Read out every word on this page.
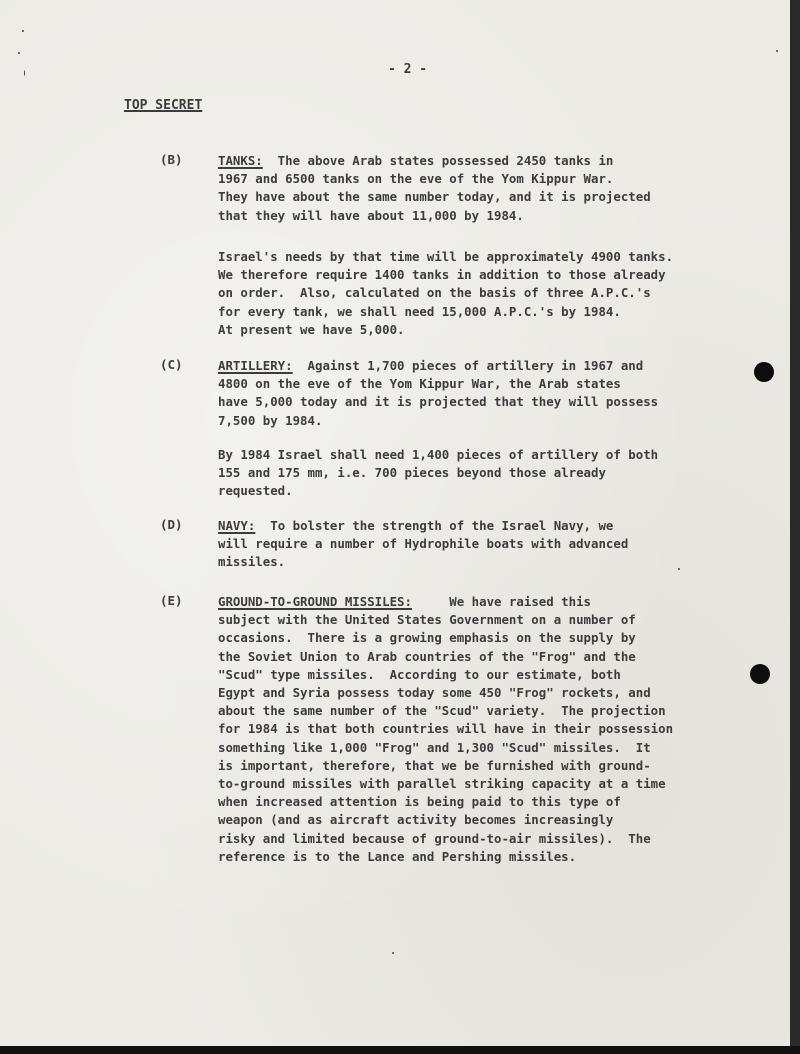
- 2 -
TOP SECRET
(B)	TANKS:  The above Arab states possessed 2450 tanks in
1967 and 6500 tanks on the eve of the Yom Kippur War.
They have about the same number today, and it is projected
that they will have about 11,000 by 1984.
Israel's needs by that time will be approximately 4900 tanks.
We therefore require 1400 tanks in addition to those already
on order.  Also, calculated on the basis of three A.P.C.'s
for every tank, we shall need 15,000 A.P.C.'s by 1984.
At present we have 5,000.
(C)	ARTILLERY:  Against 1,700 pieces of artillery in 1967 and
4800 on the eve of the Yom Kippur War, the Arab states
have 5,000 today and it is projected that they will possess
7,500 by 1984.
By 1984 Israel shall need 1,400 pieces of artillery of both
155 and 175 mm, i.e. 700 pieces beyond those already
requested.
(D)	NAVY:  To bolster the strength of the Israel Navy, we
will require a number of Hydrophile boats with advanced
missiles.
(E)	GROUND-TO-GROUND MISSILES:     We have raised this
subject with the United States Government on a number of
occasions.  There is a growing emphasis on the supply by
the Soviet Union to Arab countries of the "Frog" and the
"Scud" type missiles.  According to our estimate, both
Egypt and Syria possess today some 450 "Frog" rockets, and
about the same number of the "Scud" variety.  The projection
for 1984 is that both countries will have in their possession
something like 1,000 "Frog" and 1,300 "Scud" missiles.  It
is important, therefore, that we be furnished with ground-
to-ground missiles with parallel striking capacity at a time
when increased attention is being paid to this type of
weapon (and as aircraft activity becomes increasingly
risky and limited because of ground-to-air missiles).  The
reference is to the Lance and Pershing missiles.
